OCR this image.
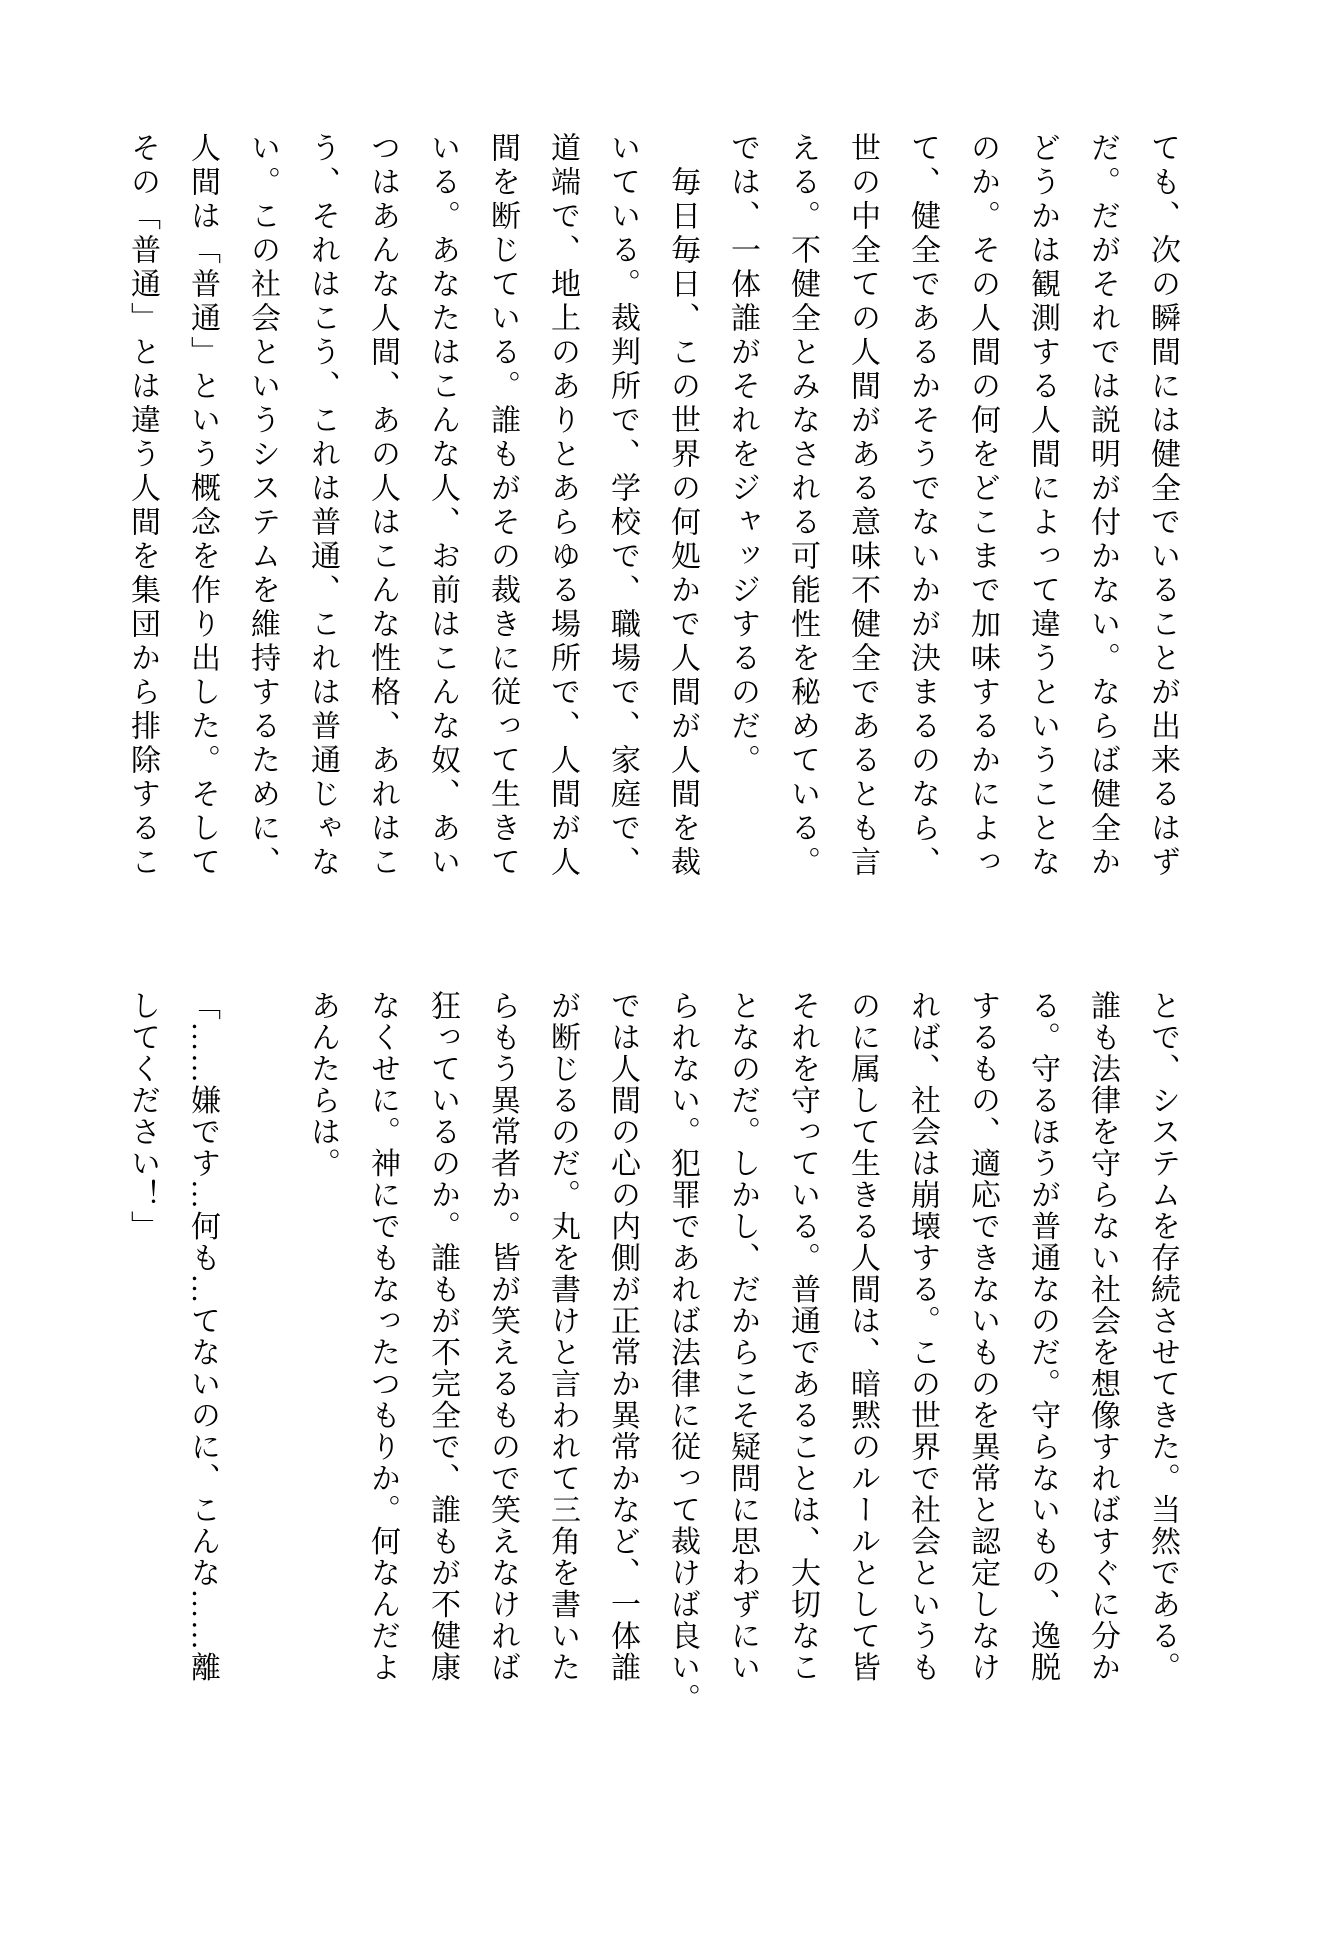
ても、次の瞬間には健全でいることが出来るはず

だ。だがそれでは説明が付かない。ならば健全か

どうかは観測する人間によって違うということな

のか。その人間の何をどこまで加味するかによっ

て、健全であるかそうでないかが決まるのなら、

世の中全ての人間がある意味不健全であるとも言

える。不健全とみなされる可能性を秘めている。

では、一体誰がそれをジャッジするのだ。

　毎日毎日、この世界の何処かで人間が人間を裁

いている。裁判所で、学校で、職場で、家庭で、

道端で、地上のありとあらゆる場所で、人間が人

間を断じている。誰もがその裁きに従って生きて

いる。あなたはこんな人、お前はこんな奴、あい

つはあんな人間、あの人はこんな性格、あれはこ

う、それはこう、これは普通、これは普通じゃな

い。この社会というシステムを維持するために、

人間は「普通」という概念を作り出した。そして

その「普通」とは違う人間を集団から排除するこ

とで、システムを存続させてきた。当然である。

誰も法律を守らない社会を想像すればすぐに分か

る。守るほうが普通なのだ。守らないもの、逸脱

するもの、適応できないものを異常と認定しなけ

れば、社会は崩壊する。この世界で社会というも

のに属して生きる人間は、暗黙のルールとして皆

それを守っている。普通であることは、大切なこ

となのだ。しかし、だからこそ疑問に思わずにい

られない。犯罪であれば法律に従って裁けば良い。

では人間の心の内側が正常か異常かなど、一体誰

が断じるのだ。丸を書けと言われて三角を書いた

らもう異常者か。皆が笑えるもので笑えなければ

狂っているのか。誰もが不完全で、誰もが不健康

なくせに。神にでもなったつもりか。何なんだよ

あんたらは。

「……嫌です…何も…てないのに、こんな……離

してください！」
